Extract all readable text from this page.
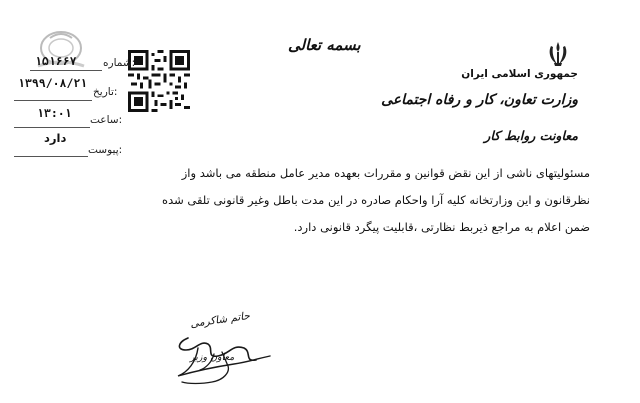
بسمه تعالی
جمهوری اسلامی ایران
وزارت تعاون، کار و رفاه اجتماعی
معاونت روابط کار
شماره:
۱۵۱۶۶۷
تاریخ:
۱۳۹۹/۰۸/۲۱
ساعت:
۱۳:۰۱
پیوست:
دارد

مسئولیتهای ناشی از این نقض قوانین و مقررات بعهده مدیر عامل منطقه می باشد واز

نظرقانون و این وزارتخانه کلیه آرا واحکام صادره در این مدت باطل وغیر قانونی تلقی شده

ضمن اعلام به مراجع ذیربط نظارتی ،قابلیت پیگرد قانونی دارد.

حاتم شاکرمی
معاون وزیر
